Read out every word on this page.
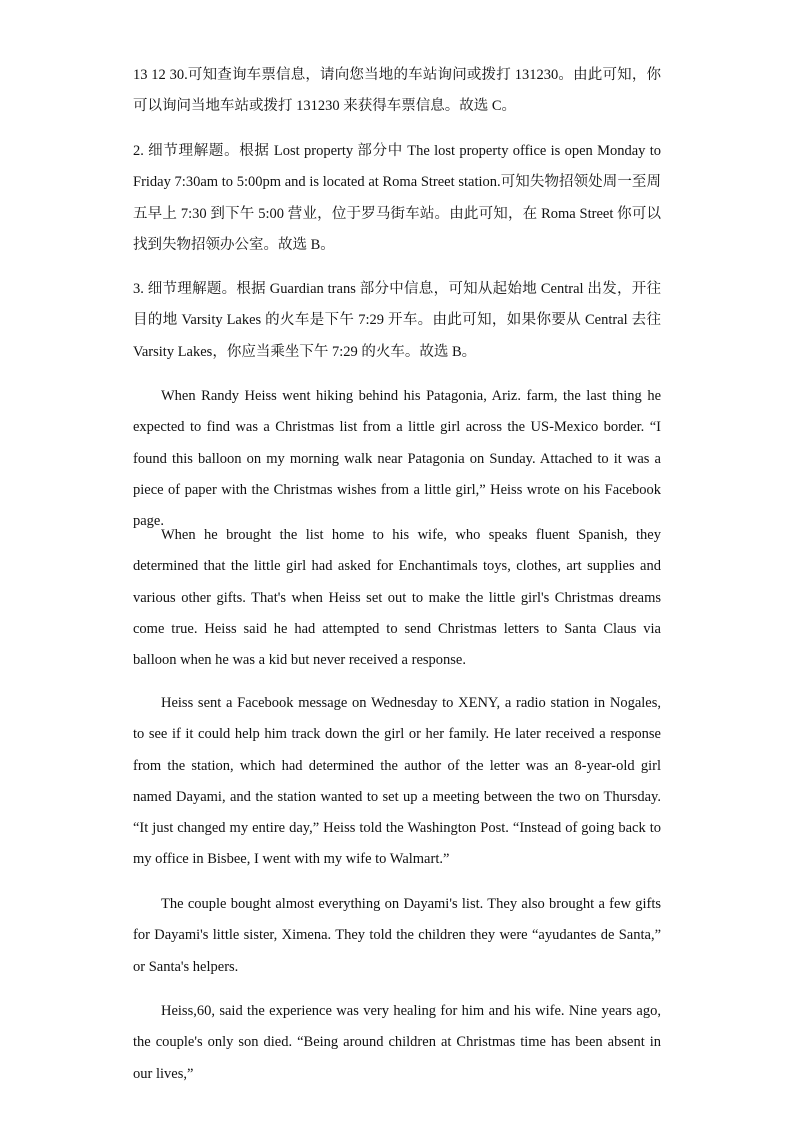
13 12 30.可知查询车票信息，请向您当地的车站询问或拨打 131230。由此可知，你可以询问当地车站或拨打 131230 来获得车票信息。故选 C。

2. 细节理解题。根据 Lost property 部分中 The lost property office is open Monday to Friday 7:30am to 5:00pm and is located at Roma Street station.可知失物招领处周一至周五早上 7:30 到下午 5:00 营业，位于罗马街车站。由此可知，在 Roma Street 你可以找到失物招领办公室。故选 B。

3. 细节理解题。根据 Guardian trans 部分中信息，可知从起始地 Central 出发，开往目的地 Varsity Lakes 的火车是下午 7:29 开车。由此可知，如果你要从 Central 去往 Varsity Lakes，你应当乘坐下午 7:29 的火车。故选 B。

When Randy Heiss went hiking behind his Patagonia, Ariz. farm, the last thing he expected to find was a Christmas list from a little girl across the US-Mexico border. “I found this balloon on my morning walk near Patagonia on Sunday. Attached to it was a piece of paper with the Christmas wishes from a little girl,” Heiss wrote on his Facebook page.

When he brought the list home to his wife, who speaks fluent Spanish, they determined that the little girl had asked for Enchantimals toys, clothes, art supplies and various other gifts. That's when Heiss set out to make the little girl's Christmas dreams come true. Heiss said he had attempted to send Christmas letters to Santa Claus via balloon when he was a kid but never received a response.

Heiss sent a Facebook message on Wednesday to XENY, a radio station in Nogales, to see if it could help him track down the girl or her family. He later received a response from the station, which had determined the author of the letter was an 8-year-old girl named Dayami, and the station wanted to set up a meeting between the two on Thursday. “It just changed my entire day,” Heiss told the Washington Post. “Instead of going back to my office in Bisbee, I went with my wife to Walmart.”

The couple bought almost everything on Dayami's list. They also brought a few gifts for Dayami's little sister, Ximena. They told the children they were “ayudantes de Santa,” or Santa's helpers.

Heiss,60, said the experience was very healing for him and his wife. Nine years ago, the couple's only son died. “Being around children at Christmas time has been absent in our lives,”
